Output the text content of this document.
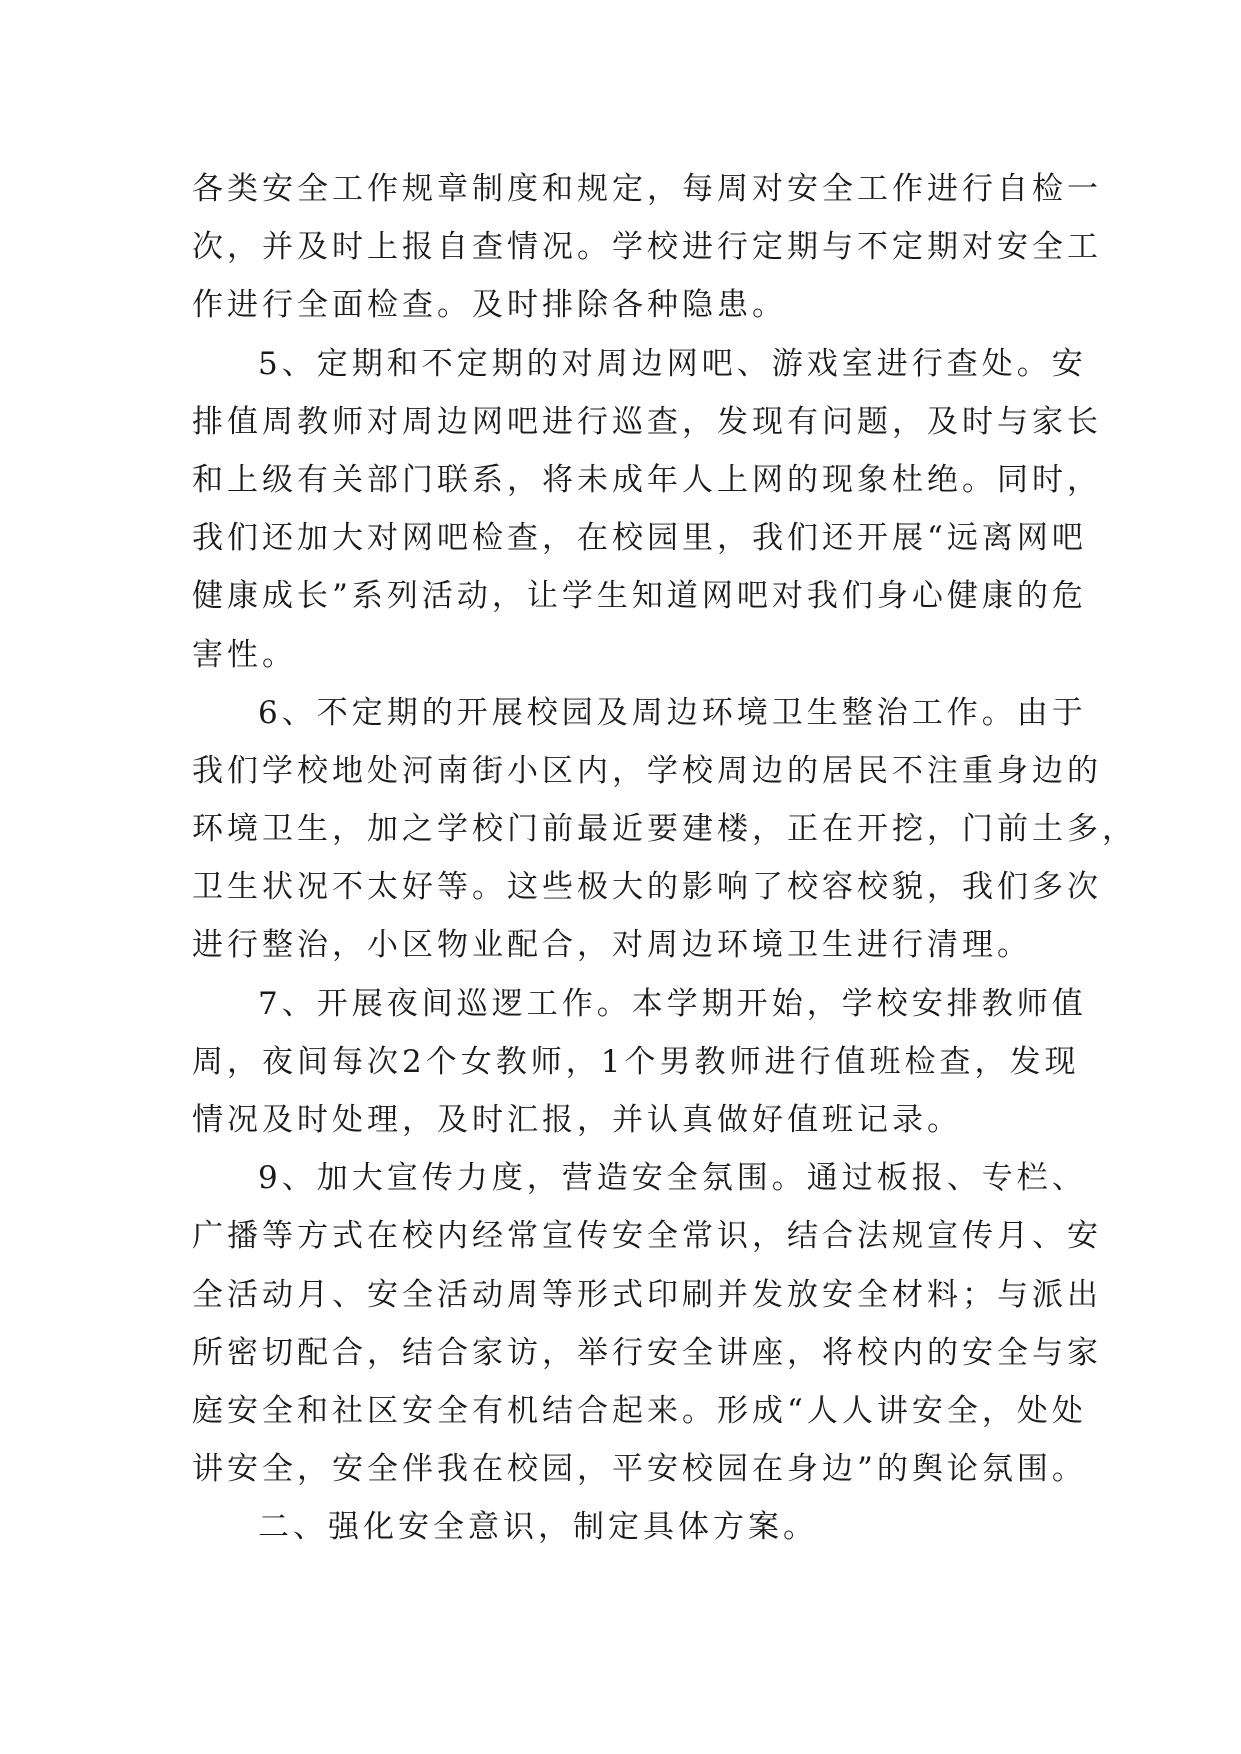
各类安全工作规章制度和规定，每周对安全工作进行自检一
次，并及时上报自查情况。学校进行定期与不定期对安全工
作进行全面检查。及时排除各种隐患。
5、定期和不定期的对周边网吧、游戏室进行查处。安
排值周教师对周边网吧进行巡查，发现有问题，及时与家长
和上级有关部门联系，将未成年人上网的现象杜绝。同时，
我们还加大对网吧检查，在校园里，我们还开展“远离网吧
健康成长”系列活动，让学生知道网吧对我们身心健康的危
害性。
6、不定期的开展校园及周边环境卫生整治工作。由于
我们学校地处河南街小区内，学校周边的居民不注重身边的
环境卫生，加之学校门前最近要建楼，正在开挖，门前土多，
卫生状况不太好等。这些极大的影响了校容校貌，我们多次
进行整治，小区物业配合，对周边环境卫生进行清理。
7、开展夜间巡逻工作。本学期开始，学校安排教师值
周，夜间每次2个女教师，1个男教师进行值班检查，发现
情况及时处理，及时汇报，并认真做好值班记录。
9、加大宣传力度，营造安全氛围。通过板报、专栏、
广播等方式在校内经常宣传安全常识，结合法规宣传月、安
全活动月、安全活动周等形式印刷并发放安全材料；与派出
所密切配合，结合家访，举行安全讲座，将校内的安全与家
庭安全和社区安全有机结合起来。形成“人人讲安全，处处
讲安全，安全伴我在校园，平安校园在身边”的舆论氛围。
二、强化安全意识，制定具体方案。
